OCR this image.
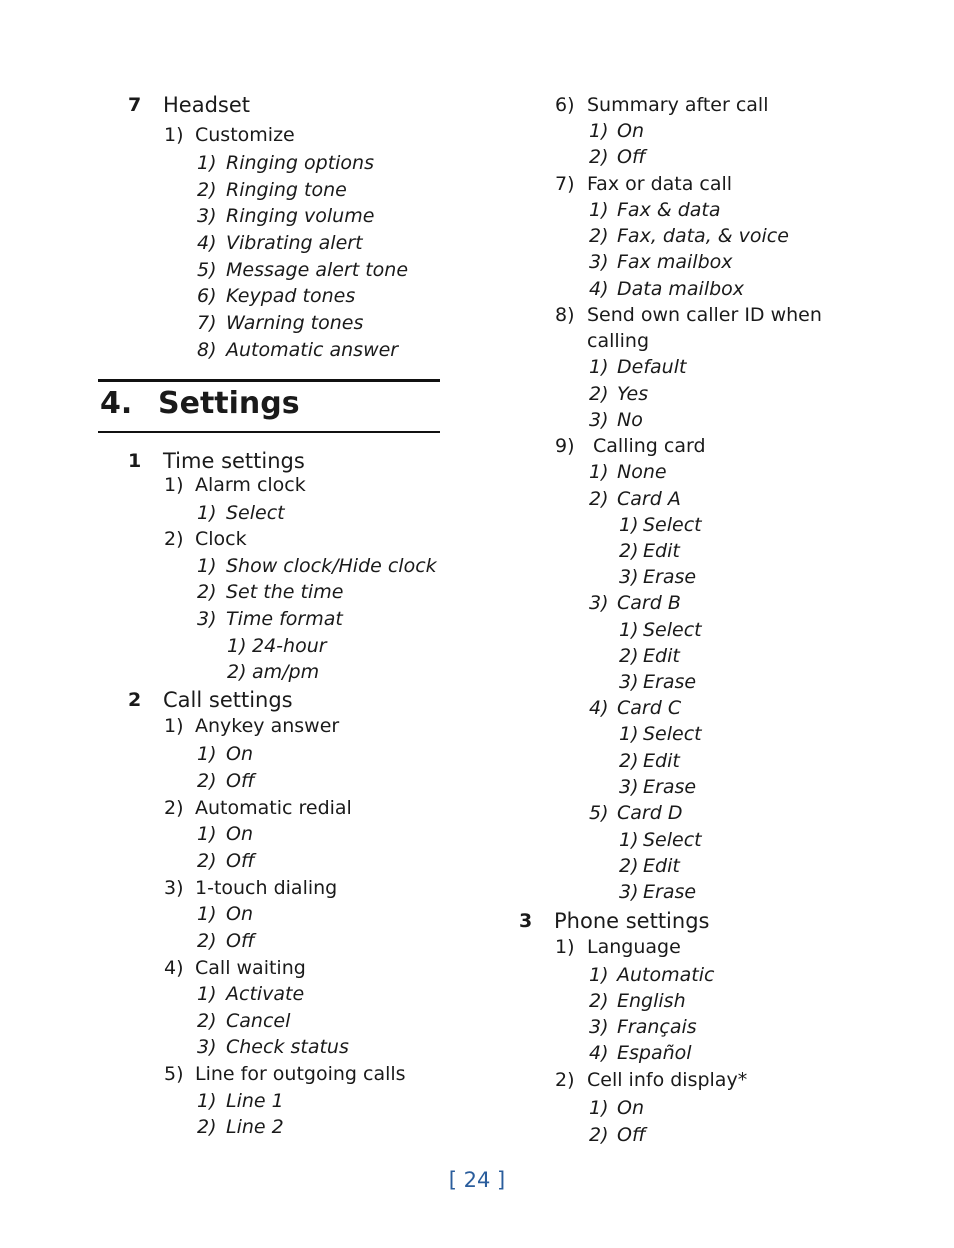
7 Headset
1) Customize
1) Ringing options
2) Ringing tone
3) Ringing volume
4) Vibrating alert
5) Message alert tone
6) Keypad tones
7) Warning tones
8) Automatic answer
4. Settings
1 Time settings
1) Alarm clock
1) Select
2) Clock
1) Show clock/Hide clock
2) Set the time
3) Time format
1) 24-hour
2) am/pm
2 Call settings
1) Anykey answer
1) On
2) Off
2) Automatic redial
1) On
2) Off
3) 1-touch dialing
1) On
2) Off
4) Call waiting
1) Activate
2) Cancel
3) Check status
5) Line for outgoing calls
1) Line 1
2) Line 2
6) Summary after call
1) On
2) Off
7) Fax or data call
1) Fax & data
2) Fax, data, & voice
3) Fax mailbox
4) Data mailbox
8) Send own caller ID when
calling
1) Default
2) Yes
3) No
9) Calling card
1) None
2) Card A
1) Select
2) Edit
3) Erase
3) Card B
1) Select
2) Edit
3) Erase
4) Card C
1) Select
2) Edit
3) Erase
5) Card D
1) Select
2) Edit
3) Erase
3 Phone settings
1) Language
1) Automatic
2) English
3) Français
4) Español
2) Cell info display*
1) On
2) Off
[ 24 ]
